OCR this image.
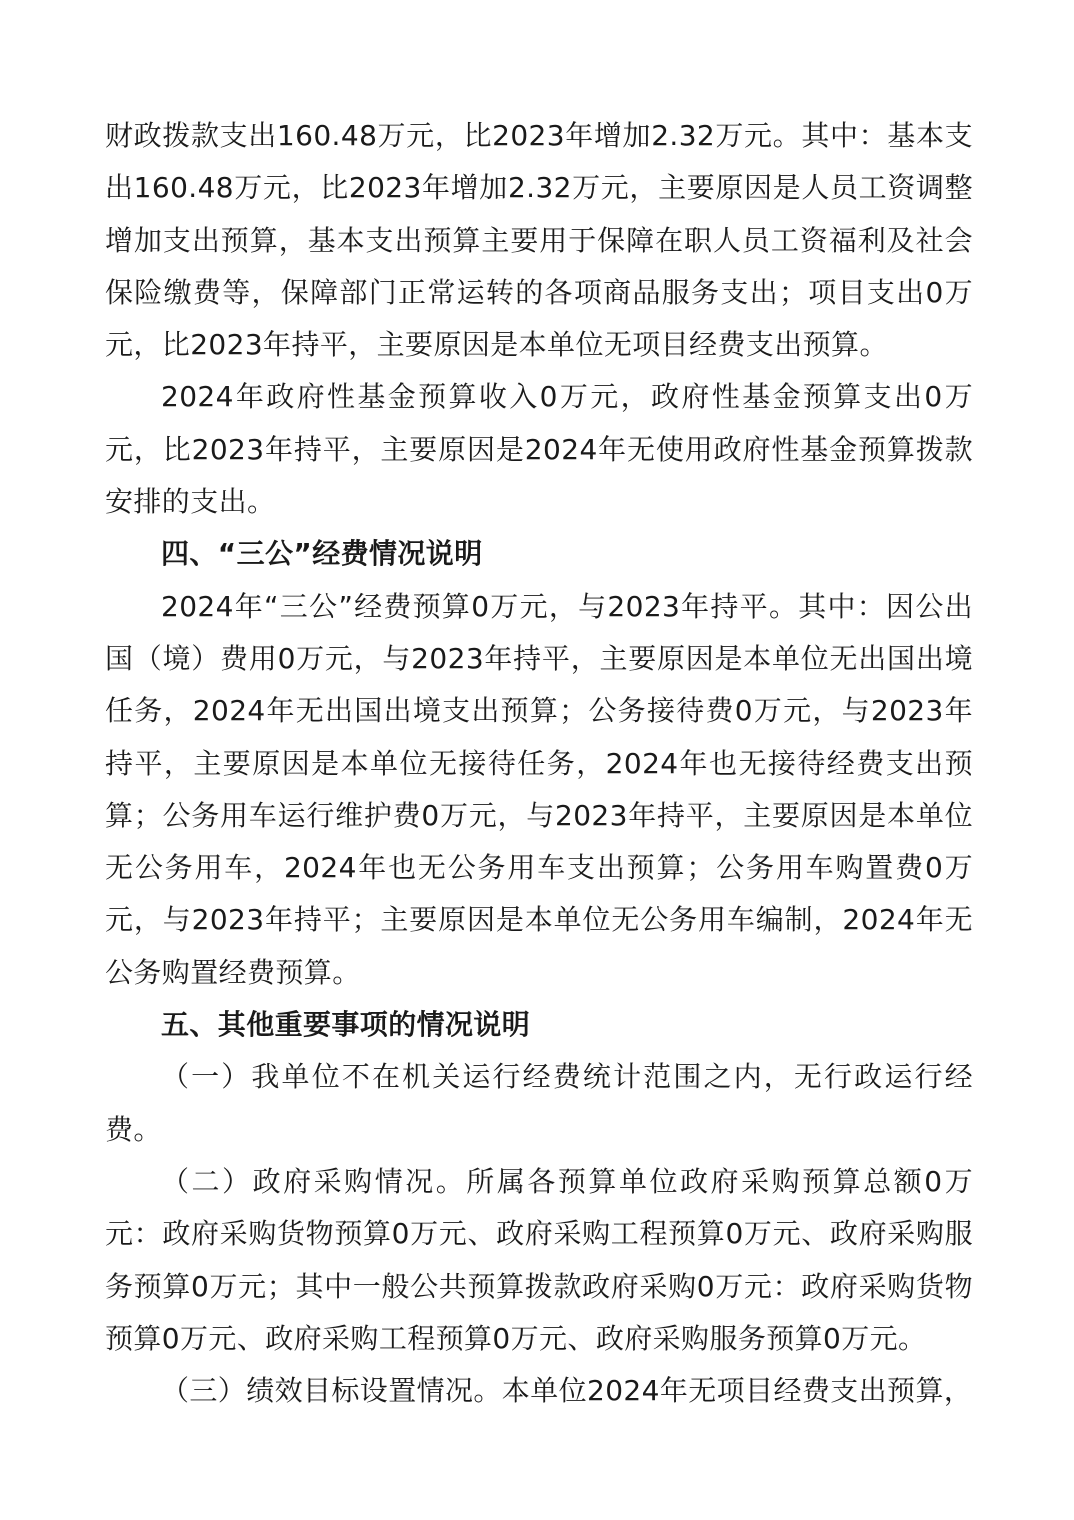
财政拨款支出160.48万元，比2023年增加2.32万元。其中：基本支出160.48万元，比2023年增加2.32万元，主要原因是人员工资调整增加支出预算，基本支出预算主要用于保障在职人员工资福利及社会保险缴费等，保障部门正常运转的各项商品服务支出；项目支出0万元，比2023年持平，主要原因是本单位无项目经费支出预算。

2024年政府性基金预算收入0万元，政府性基金预算支出0万元，比2023年持平，主要原因是2024年无使用政府性基金预算拨款安排的支出。

四、“三公”经费情况说明

2024年“三公”经费预算0万元，与2023年持平。其中：因公出国（境）费用0万元，与2023年持平，主要原因是本单位无出国出境任务，2024年无出国出境支出预算；公务接待费0万元，与2023年持平，主要原因是本单位无接待任务，2024年也无接待经费支出预算；公务用车运行维护费0万元，与2023年持平，主要原因是本单位无公务用车，2024年也无公务用车支出预算；公务用车购置费0万元，与2023年持平；主要原因是本单位无公务用车编制，2024年无公务购置经费预算。

五、其他重要事项的情况说明

（一）我单位不在机关运行经费统计范围之内，无行政运行经费。

（二）政府采购情况。所属各预算单位政府采购预算总额0万元：政府采购货物预算0万元、政府采购工程预算0万元、政府采购服务预算0万元；其中一般公共预算拨款政府采购0万元：政府采购货物预算0万元、政府采购工程预算0万元、政府采购服务预算0万元。

（三）绩效目标设置情况。本单位2024年无项目经费支出预算，
